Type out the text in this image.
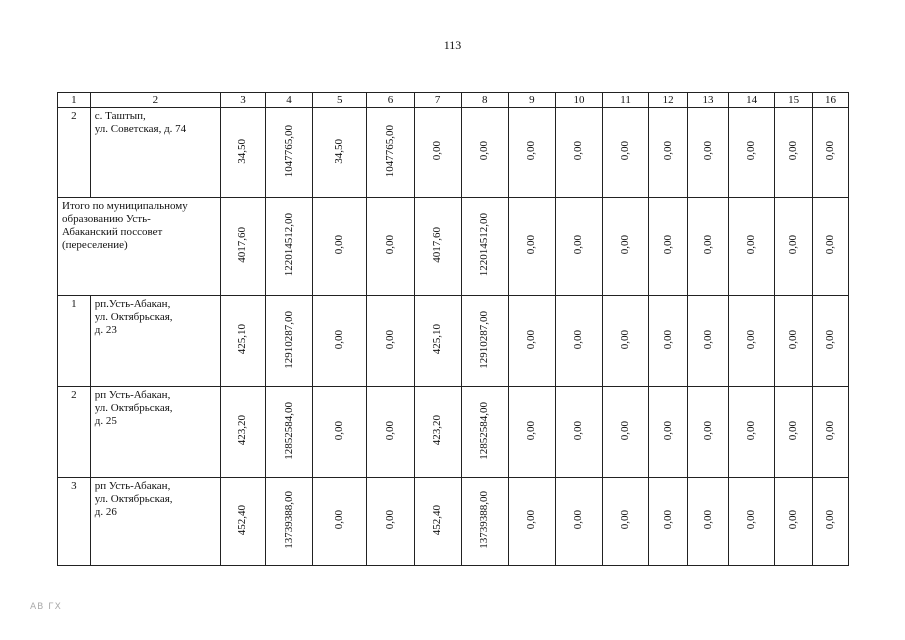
113
1	2	3	4	5	6	7	8	9	10	11	12	13	14	15	16
2	с. Таштып,
ул. Советская, д. 74	34,50	1047765,00	34,50	1047765,00	0,00	0,00	0,00	0,00	0,00	0,00	0,00	0,00	0,00	0,00

Итого по муниципальному
образованию Усть-
Абаканский поссовет
(переселение)		4017,60	122014512,00	0,00	0,00	4017,60	122014512,00	0,00	0,00	0,00	0,00	0,00	0,00	0,00	0,00
1	рп.Усть-Абакан,
ул. Октябрьская,
д. 23	425,10	12910287,00	0,00	0,00	425,10	12910287,00	0,00	0,00	0,00	0,00	0,00	0,00	0,00	0,00
2	рп Усть-Абакан,
ул. Октябрьская,
д. 25	423,20	12852584,00	0,00	0,00	423,20	12852584,00	0,00	0,00	0,00	0,00	0,00	0,00	0,00	0,00
3	рп Усть-Абакан,
ул. Октябрьская,
д. 26	452,40	13739388,00	0,00	0,00	452,40	13739388,00	0,00	0,00	0,00	0,00	0,00	0,00	0,00	0,00
АВ ГХ
